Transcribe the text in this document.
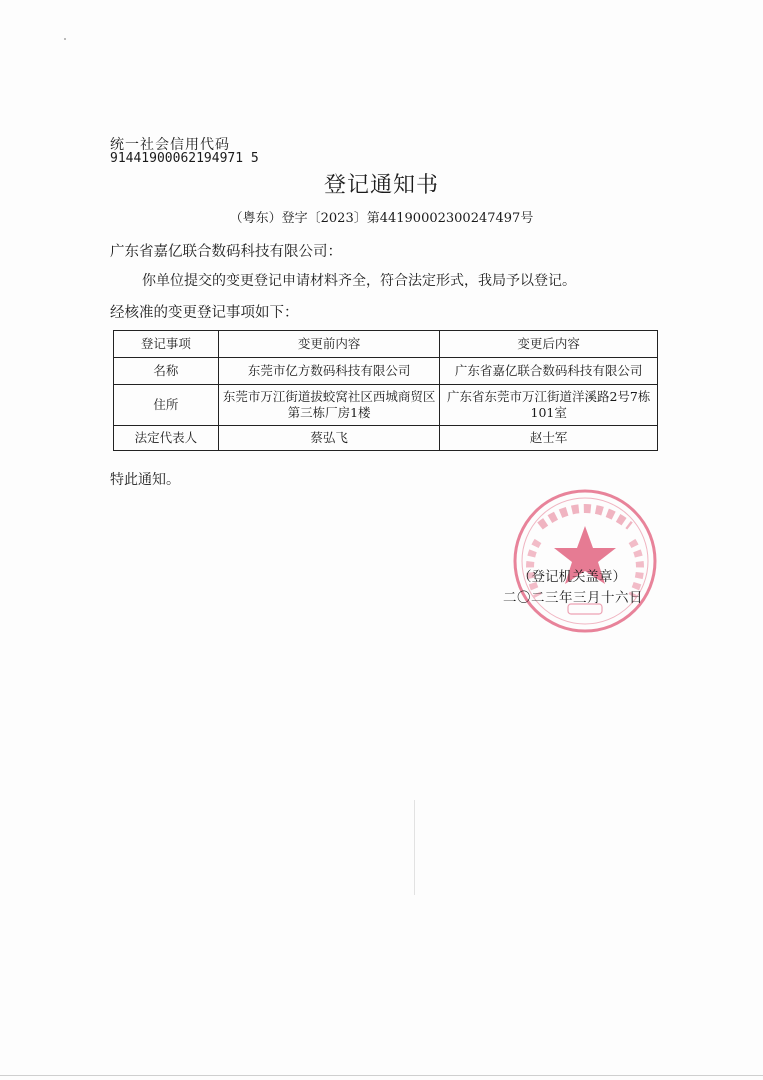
统一社会信用代码
91441900062194971 5
登记通知书
（粤东）登字〔2023〕第44190002300247497号
广东省嘉亿联合数码科技有限公司：
你单位提交的变更登记申请材料齐全，符合法定形式，我局予以登记。
经核准的变更登记事项如下：
登记事项	变更前内容	变更后内容
名称	东莞市亿方数码科技有限公司	广东省嘉亿联合数码科技有限公司
住所	东莞市万江街道拔蛟窝社区西城商贸区第三栋厂房1楼	广东省东莞市万江街道洋溪路2号7栋101室
法定代表人	蔡弘飞	赵士军
特此通知。
（登记机关盖章）
二〇二三年三月十六日
